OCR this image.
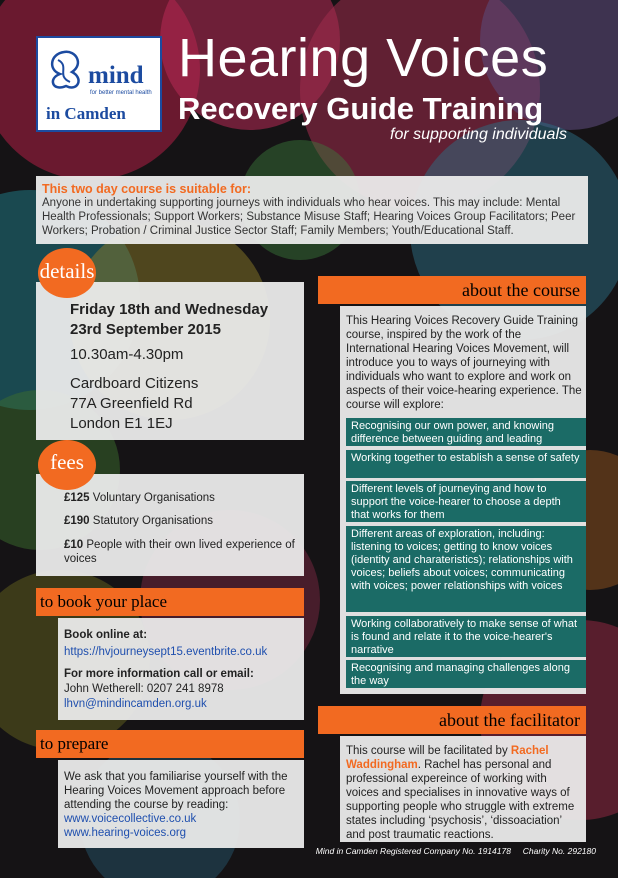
mind
for better mental health
in Camden
Hearing Voices
Recovery Guide Training
for supporting individuals
This two day course is suitable for:
Anyone in undertaking supporting journeys with individuals who hear voices. This may include: Mental Health Professionals; Support Workers; Substance Misuse Staff; Hearing Voices Group Facilitators; Peer Workers; Probation / Criminal Justice Sector Staff; Family Members; Youth/Educational Staff.
details
Friday 18th and Wednesday
23rd September 2015
10.30am-4.30pm
Cardboard Citizens
77A Greenfield Rd
London E1 1EJ
fees
£125 Voluntary Organisations
£190 Statutory Organisations
£10 People with their own lived experience of voices
to book your place
Book online at:
https://hvjourneysept15.eventbrite.co.uk
For more information call or email:
John Wetherell: 0207 241 8978
lhvn@mindincamden.org.uk
to prepare
We ask that you familiarise yourself with the Hearing Voices Movement approach before attending the course by reading:
www.voicecollective.co.uk
www.hearing-voices.org
about the course
This Hearing Voices Recovery Guide Training course, inspired by the work of the International Hearing Voices Movement, will introduce you to ways of journeying with individuals who want to explore and work on aspects of their voice-hearing experience. The course will explore:
Recognising our own power, and knowing difference between guiding and leading
Working together to establish a sense of safety
Different levels of journeying and how to support the voice-hearer to choose a depth that works for them
Different areas of exploration, including: listening to voices; getting to know voices (identity and charateristics); relationships with voices; beliefs about voices; communicating with voices; power relationships with voices
Working collaboratively to make sense of what is found and relate it to the voice-hearer's narrative
Recognising and managing challenges along the way
about the facilitator
This course will be facilitated by Rachel Waddingham. Rachel has personal and professional expereince of working with voices and specialises in innovative ways of supporting people who struggle with extreme states including ‘psychosis’, ‘dissoaciation’ and post traumatic reactions.
Mind in Camden Registered Company No. 1914178 Charity No. 292180
